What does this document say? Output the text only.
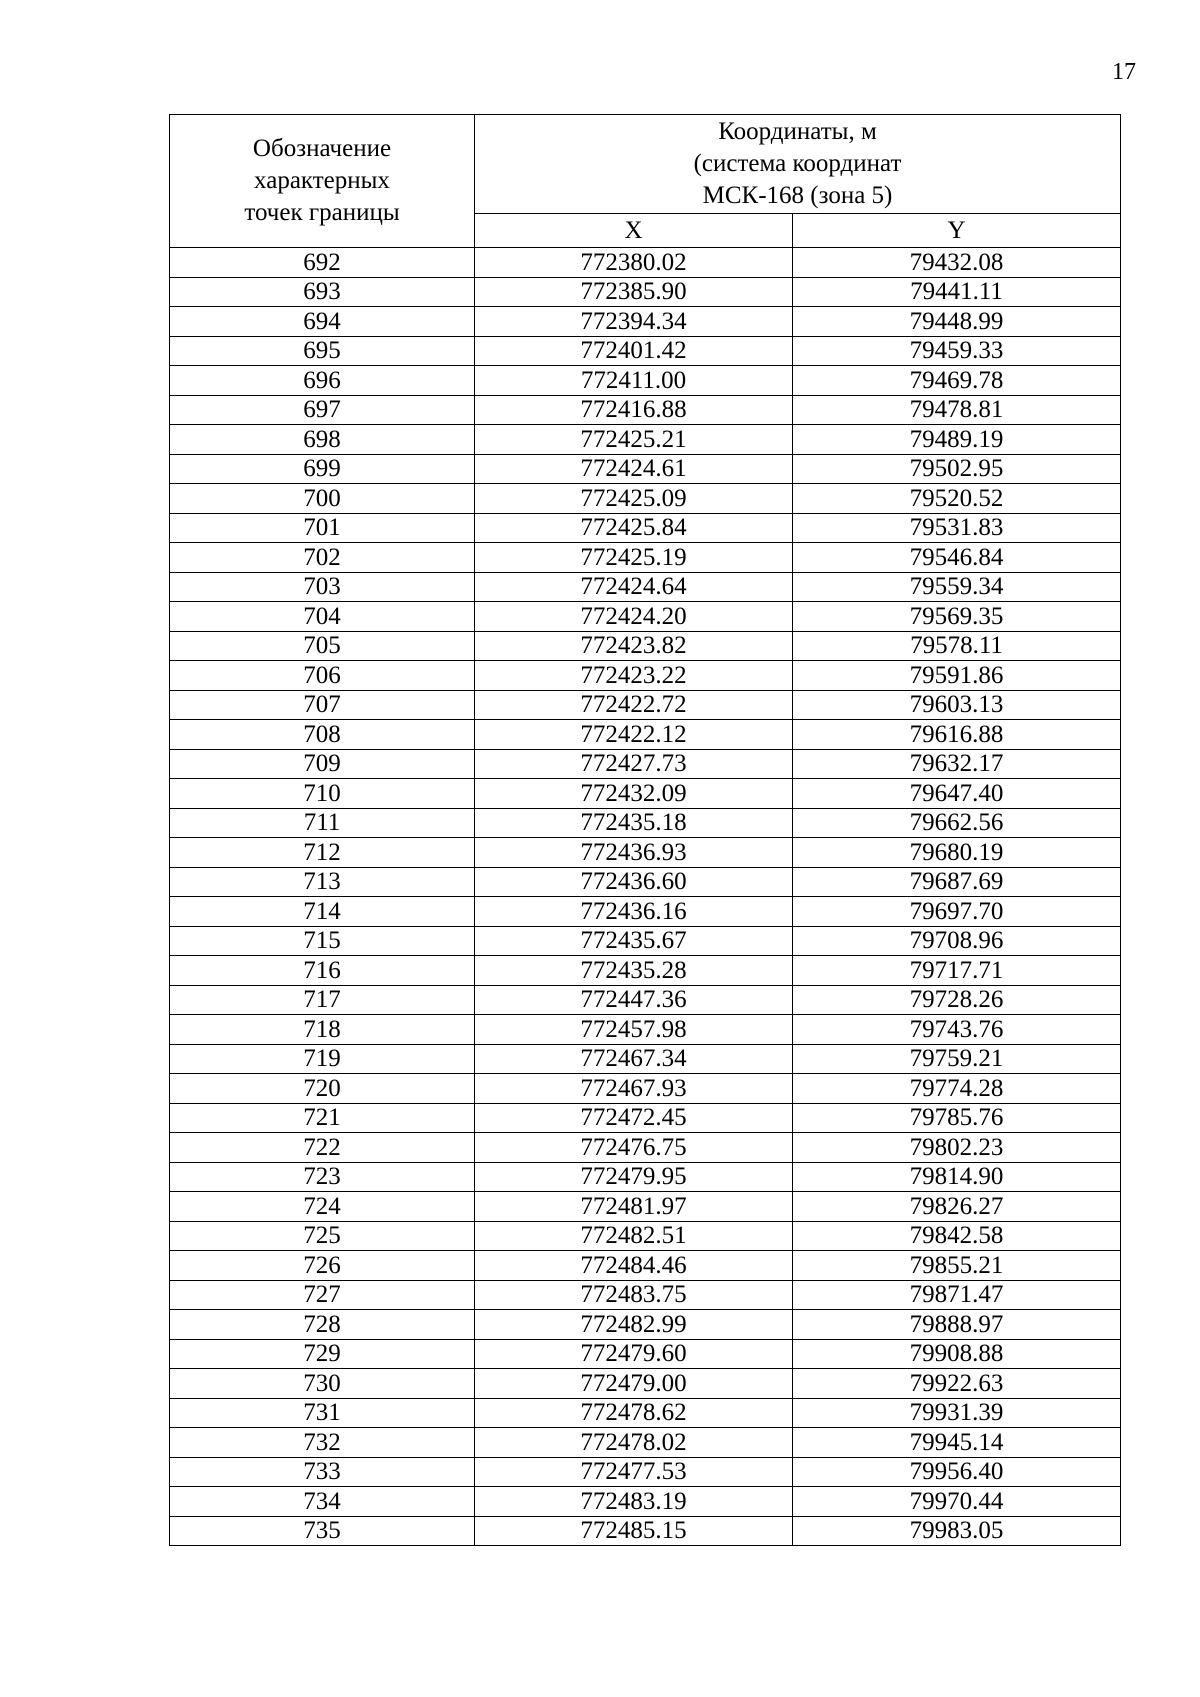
17
Обозначение
характерных
точек границы	Координаты, м
(система координат
МСК-168 (зона 5)	

	X	Y
692	772380.02	79432.08
693	772385.90	79441.11
694	772394.34	79448.99
695	772401.42	79459.33
696	772411.00	79469.78
697	772416.88	79478.81
698	772425.21	79489.19
699	772424.61	79502.95
700	772425.09	79520.52
701	772425.84	79531.83
702	772425.19	79546.84
703	772424.64	79559.34
704	772424.20	79569.35
705	772423.82	79578.11
706	772423.22	79591.86
707	772422.72	79603.13
708	772422.12	79616.88
709	772427.73	79632.17
710	772432.09	79647.40
711	772435.18	79662.56
712	772436.93	79680.19
713	772436.60	79687.69
714	772436.16	79697.70
715	772435.67	79708.96
716	772435.28	79717.71
717	772447.36	79728.26
718	772457.98	79743.76
719	772467.34	79759.21
720	772467.93	79774.28
721	772472.45	79785.76
722	772476.75	79802.23
723	772479.95	79814.90
724	772481.97	79826.27
725	772482.51	79842.58
726	772484.46	79855.21
727	772483.75	79871.47
728	772482.99	79888.97
729	772479.60	79908.88
730	772479.00	79922.63
731	772478.62	79931.39
732	772478.02	79945.14
733	772477.53	79956.40
734	772483.19	79970.44
735	772485.15	79983.05
